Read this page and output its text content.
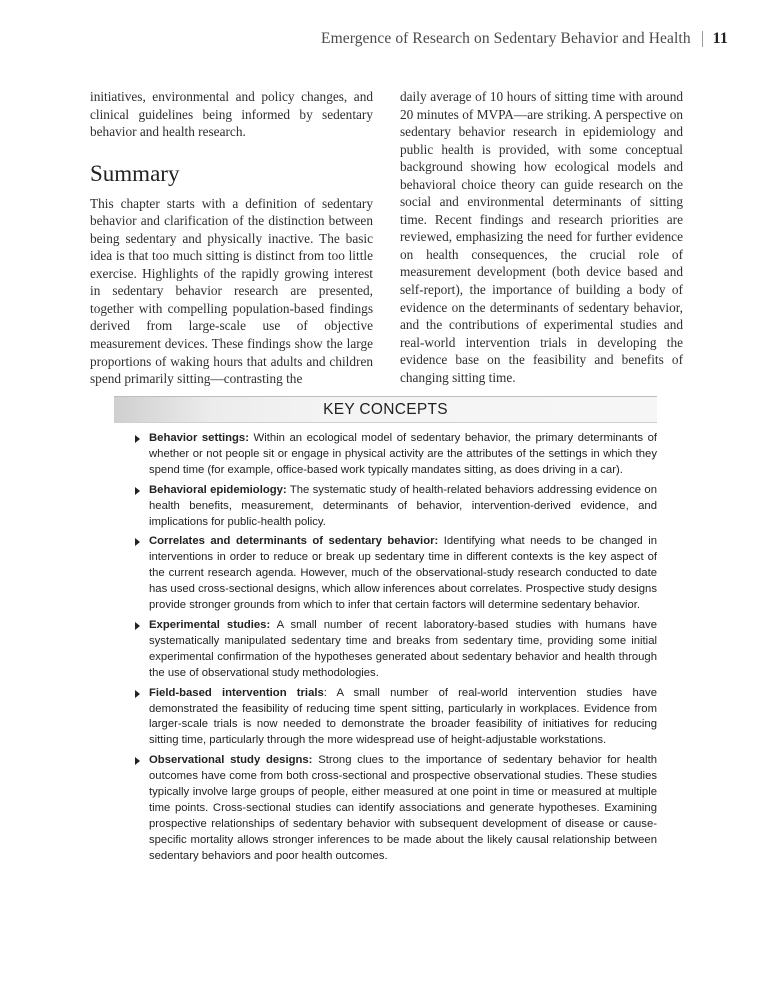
Emergence of Research on Sedentary Behavior and Health 11

initiatives, environmental and policy changes, and clinical guidelines being informed by sedentary behavior and health research.

Summary

This chapter starts with a definition of sedentary behavior and clarification of the distinction between being sedentary and physically inactive. The basic idea is that too much sitting is distinct from too little exercise. Highlights of the rapidly growing interest in sedentary behavior research are presented, together with compelling population-based findings derived from large-scale use of objective measurement devices. These findings show the large proportions of waking hours that adults and children spend primarily sitting—contrasting the

daily average of 10 hours of sitting time with around 20 minutes of MVPA—are striking. A perspective on sedentary behavior research in epidemiology and public health is provided, with some conceptual background showing how ecological models and behavioral choice theory can guide research on the social and environmental determinants of sitting time. Recent findings and research priorities are reviewed, emphasizing the need for further evidence on health consequences, the crucial role of measurement development (both device based and self-report), the importance of building a body of evidence on the determinants of sedentary behavior, and the contributions of experimental studies and real-world intervention trials in developing the evidence base on the feasibility and benefits of changing sitting time.

KEY CONCEPTS
Behavior settings: Within an ecological model of sedentary behavior, the primary determinants of whether or not people sit or engage in physical activity are the attributes of the settings in which they spend time (for example, office-based work typically mandates sitting, as does driving in a car).
Behavioral epidemiology: The systematic study of health-related behaviors addressing evidence on health benefits, measurement, determinants of behavior, intervention-derived evidence, and implications for public-health policy.
Correlates and determinants of sedentary behavior: Identifying what needs to be changed in interventions in order to reduce or break up sedentary time in different contexts is the key aspect of the current research agenda. However, much of the observational-study research conducted to date has used cross-sectional designs, which allow inferences about correlates. Prospective study designs provide stronger grounds from which to infer that certain factors will determine sedentary behavior.
Experimental studies: A small number of recent laboratory-based studies with humans have systematically manipulated sedentary time and breaks from sedentary time, providing some initial experimental confirmation of the hypotheses generated about sedentary behavior and health through the use of observational study methodologies.
Field-based intervention trials: A small number of real-world intervention studies have demonstrated the feasibility of reducing time spent sitting, particularly in workplaces. Evidence from larger-scale trials is now needed to demonstrate the broader feasibility of initiatives for reducing sitting time, particularly through the more widespread use of height-adjustable workstations.
Observational study designs: Strong clues to the importance of sedentary behavior for health outcomes have come from both cross-sectional and prospective observational studies. These studies typically involve large groups of people, either measured at one point in time or measured at multiple time points. Cross-sectional studies can identify associations and generate hypotheses. Examining prospective relationships of sedentary behavior with subsequent development of disease or cause-specific mortality allows stronger inferences to be made about the likely causal relationship between sedentary behaviors and poor health outcomes.
